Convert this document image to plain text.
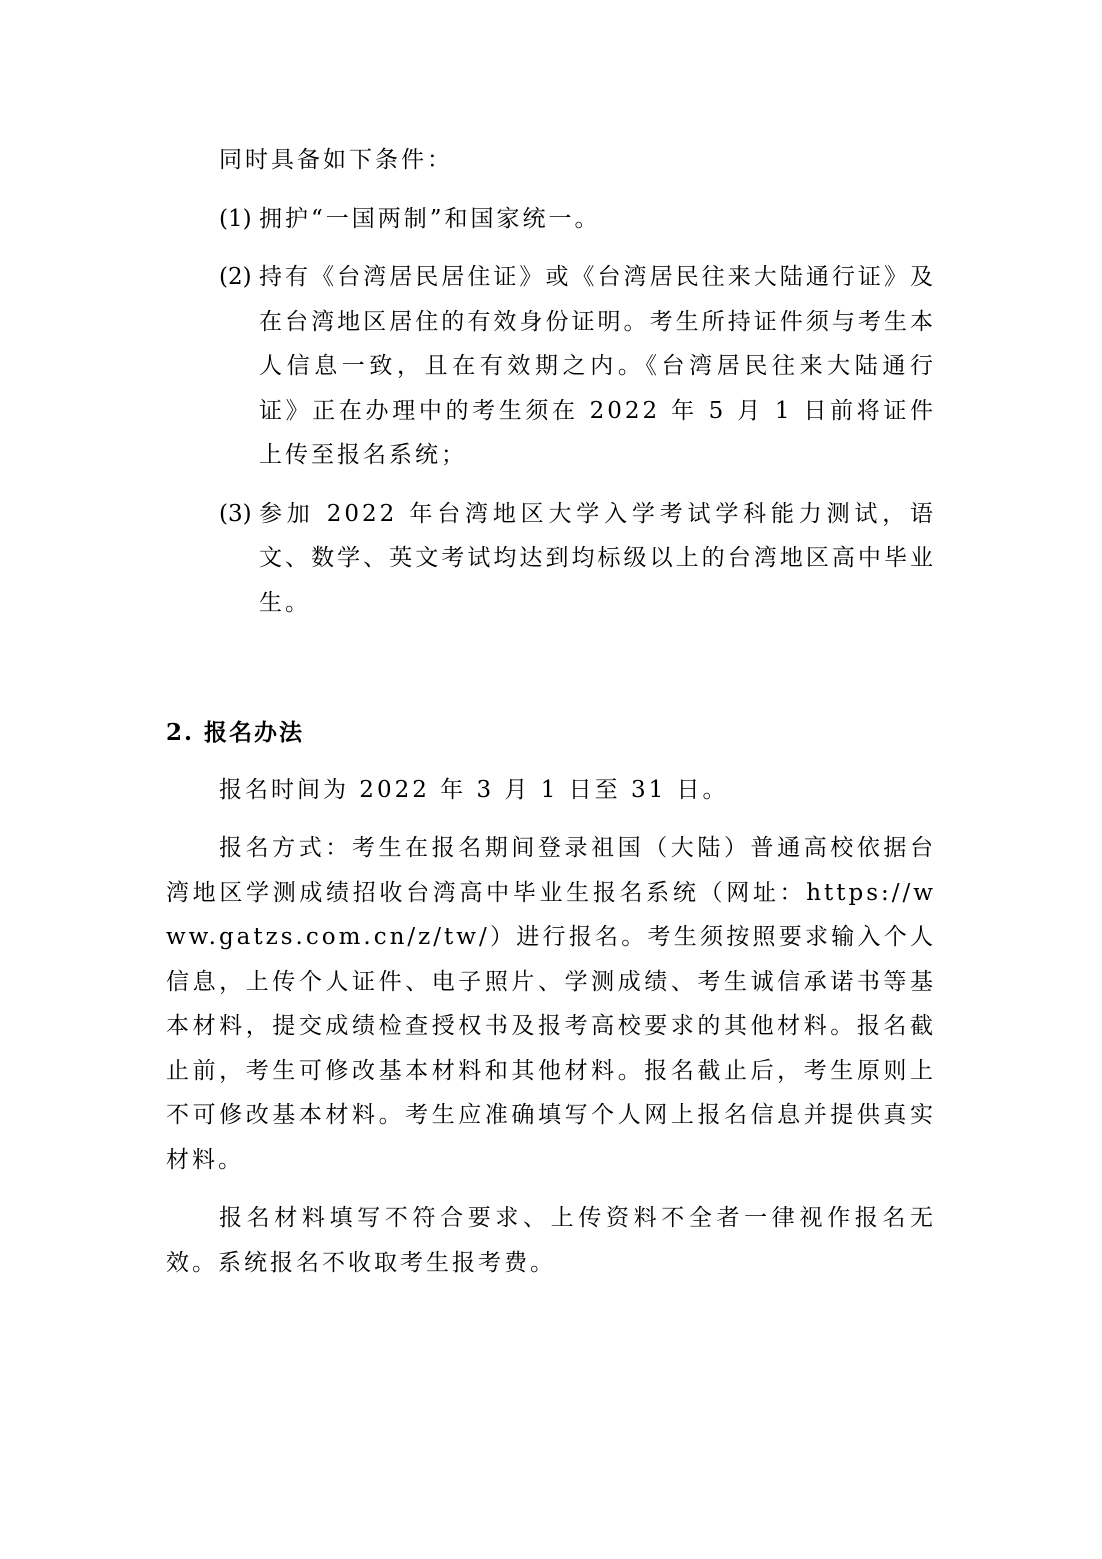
同时具备如下条件：

(1) 拥护“一国两制”和国家统一。
(2) 持有《台湾居民居住证》或《台湾居民往来大陆通行证》及在台湾地区居住的有效身份证明。考生所持证件须与考生本人信息一致，且在有效期之内。《台湾居民往来大陆通行证》正在办理中的考生须在 2022 年 5 月 1 日前将证件上传至报名系统；
(3) 参加 2022 年台湾地区大学入学考试学科能力测试，语文、数学、英文考试均达到均标级以上的台湾地区高中毕业生。
2. 报名办法

报名时间为 2022 年 3 月 1 日至 31 日。

报名方式：考生在报名期间登录祖国（大陆）普通高校依据台湾地区学测成绩招收台湾高中毕业生报名系统（网址：https://www.gatzs.com.cn/z/tw/）进行报名。考生须按照要求输入个人信息，上传个人证件、电子照片、学测成绩、考生诚信承诺书等基本材料，提交成绩检查授权书及报考高校要求的其他材料。报名截止前，考生可修改基本材料和其他材料。报名截止后，考生原则上不可修改基本材料。考生应准确填写个人网上报名信息并提供真实材料。

报名材料填写不符合要求、上传资料不全者一律视作报名无效。系统报名不收取考生报考费。
